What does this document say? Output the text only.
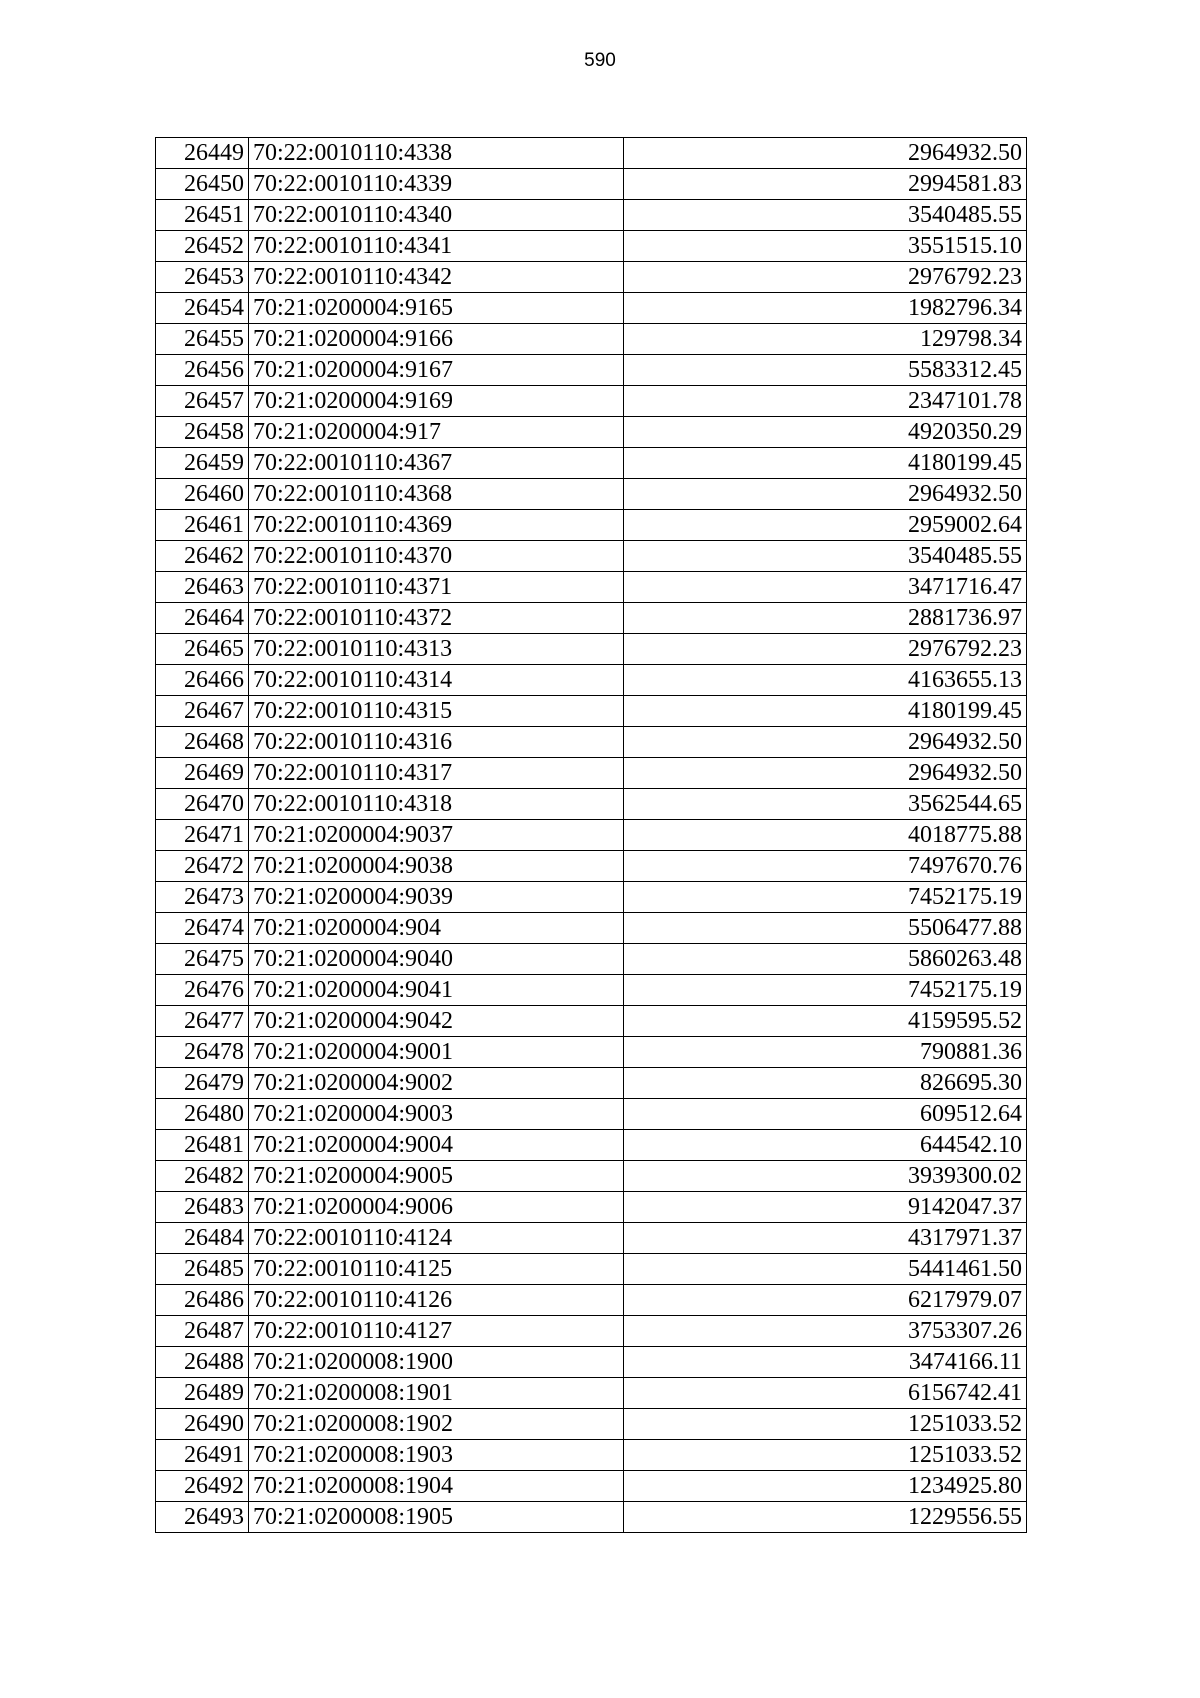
590
26449	70:22:0010110:4338	2964932.50
26450	70:22:0010110:4339	2994581.83
26451	70:22:0010110:4340	3540485.55
26452	70:22:0010110:4341	3551515.10
26453	70:22:0010110:4342	2976792.23
26454	70:21:0200004:9165	1982796.34
26455	70:21:0200004:9166	129798.34
26456	70:21:0200004:9167	5583312.45
26457	70:21:0200004:9169	2347101.78
26458	70:21:0200004:917	4920350.29
26459	70:22:0010110:4367	4180199.45
26460	70:22:0010110:4368	2964932.50
26461	70:22:0010110:4369	2959002.64
26462	70:22:0010110:4370	3540485.55
26463	70:22:0010110:4371	3471716.47
26464	70:22:0010110:4372	2881736.97
26465	70:22:0010110:4313	2976792.23
26466	70:22:0010110:4314	4163655.13
26467	70:22:0010110:4315	4180199.45
26468	70:22:0010110:4316	2964932.50
26469	70:22:0010110:4317	2964932.50
26470	70:22:0010110:4318	3562544.65
26471	70:21:0200004:9037	4018775.88
26472	70:21:0200004:9038	7497670.76
26473	70:21:0200004:9039	7452175.19
26474	70:21:0200004:904	5506477.88
26475	70:21:0200004:9040	5860263.48
26476	70:21:0200004:9041	7452175.19
26477	70:21:0200004:9042	4159595.52
26478	70:21:0200004:9001	790881.36
26479	70:21:0200004:9002	826695.30
26480	70:21:0200004:9003	609512.64
26481	70:21:0200004:9004	644542.10
26482	70:21:0200004:9005	3939300.02
26483	70:21:0200004:9006	9142047.37
26484	70:22:0010110:4124	4317971.37
26485	70:22:0010110:4125	5441461.50
26486	70:22:0010110:4126	6217979.07
26487	70:22:0010110:4127	3753307.26
26488	70:21:0200008:1900	3474166.11
26489	70:21:0200008:1901	6156742.41
26490	70:21:0200008:1902	1251033.52
26491	70:21:0200008:1903	1251033.52
26492	70:21:0200008:1904	1234925.80
26493	70:21:0200008:1905	1229556.55
